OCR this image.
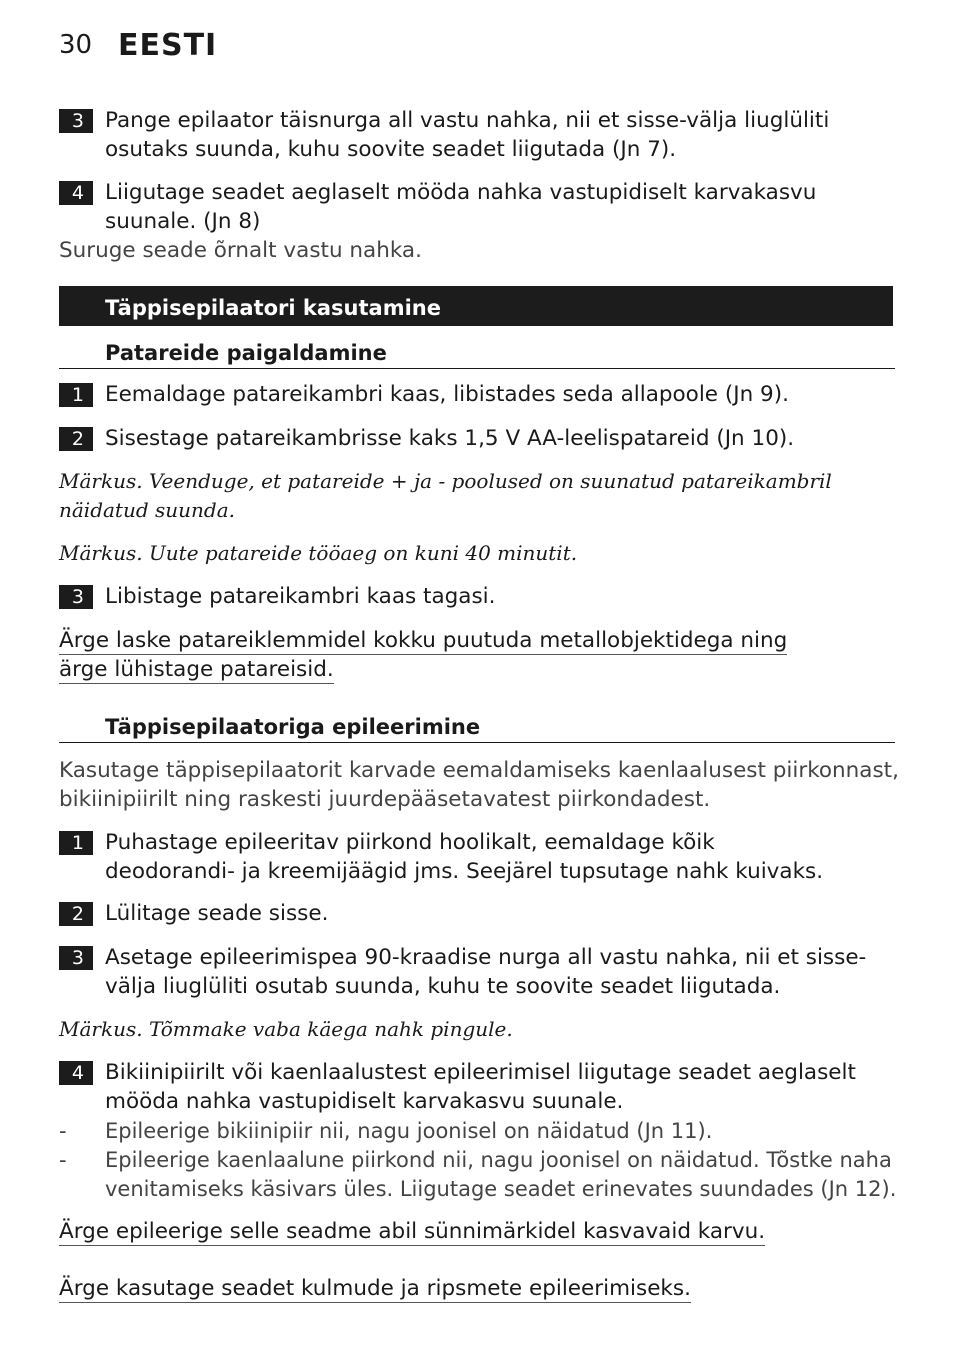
30 EESTI
3 Pange epilaator täisnurga all vastu nahka, nii et sisse-välja liuglüliti osutaks suunda, kuhu soovite seadet liigutada (Jn 7).
4 Liigutage seadet aeglaselt mööda nahka vastupidiselt karvakasvu suunale. (Jn 8)
Suruge seade õrnalt vastu nahka.
Täppisepilaatori kasutamine
Patareide paigaldamine
1 Eemaldage patareikambri kaas, libistades seda allapoole (Jn 9).
2 Sisestage patareikambrisse kaks 1,5 V AA-leelispatareid (Jn 10).
Märkus. Veenduge, et patareide + ja - poolused on suunatud patareikambril näidatud suunda.
Märkus. Uute patareide tööaeg on kuni 40 minutit.
3 Libistage patareikambri kaas tagasi.
Ärge laske patareiklemmidel kokku puutuda metallobjektidega ning ärge lühistage patareisid.
Täppisepilaatoriga epileerimine
Kasutage täppisepilaatorit karvade eemaldamiseks kaenlaalusest piirkonnast, bikiinipiirilt ning raskesti juurdepääsetavatest piirkondadest.
1 Puhastage epileeritav piirkond hoolikalt, eemaldage kõik deodorandi- ja kreemijäägid jms. Seejärel tupsutage nahk kuivaks.
2 Lülitage seade sisse.
3 Asetage epileerimispea 90-kraadise nurga all vastu nahka, nii et sisse-välja liuglüliti osutab suunda, kuhu te soovite seadet liigutada.
Märkus. Tõmmake vaba käega nahk pingule.
4 Bikiinipiirilt või kaenlaalustest epileerimisel liigutage seadet aeglaselt mööda nahka vastupidiselt karvakasvu suunale.
- Epileerige bikiinipiir nii, nagu joonisel on näidatud (Jn 11).
- Epileerige kaenlaalune piirkond nii, nagu joonisel on näidatud. Tõstke naha venitamiseks käsivars üles. Liigutage seadet erinevates suundades (Jn 12).
Ärge epileerige selle seadme abil sünnimärkidel kasvavaid karvu.
Ärge kasutage seadet kulmude ja ripsmete epileerimiseks.
